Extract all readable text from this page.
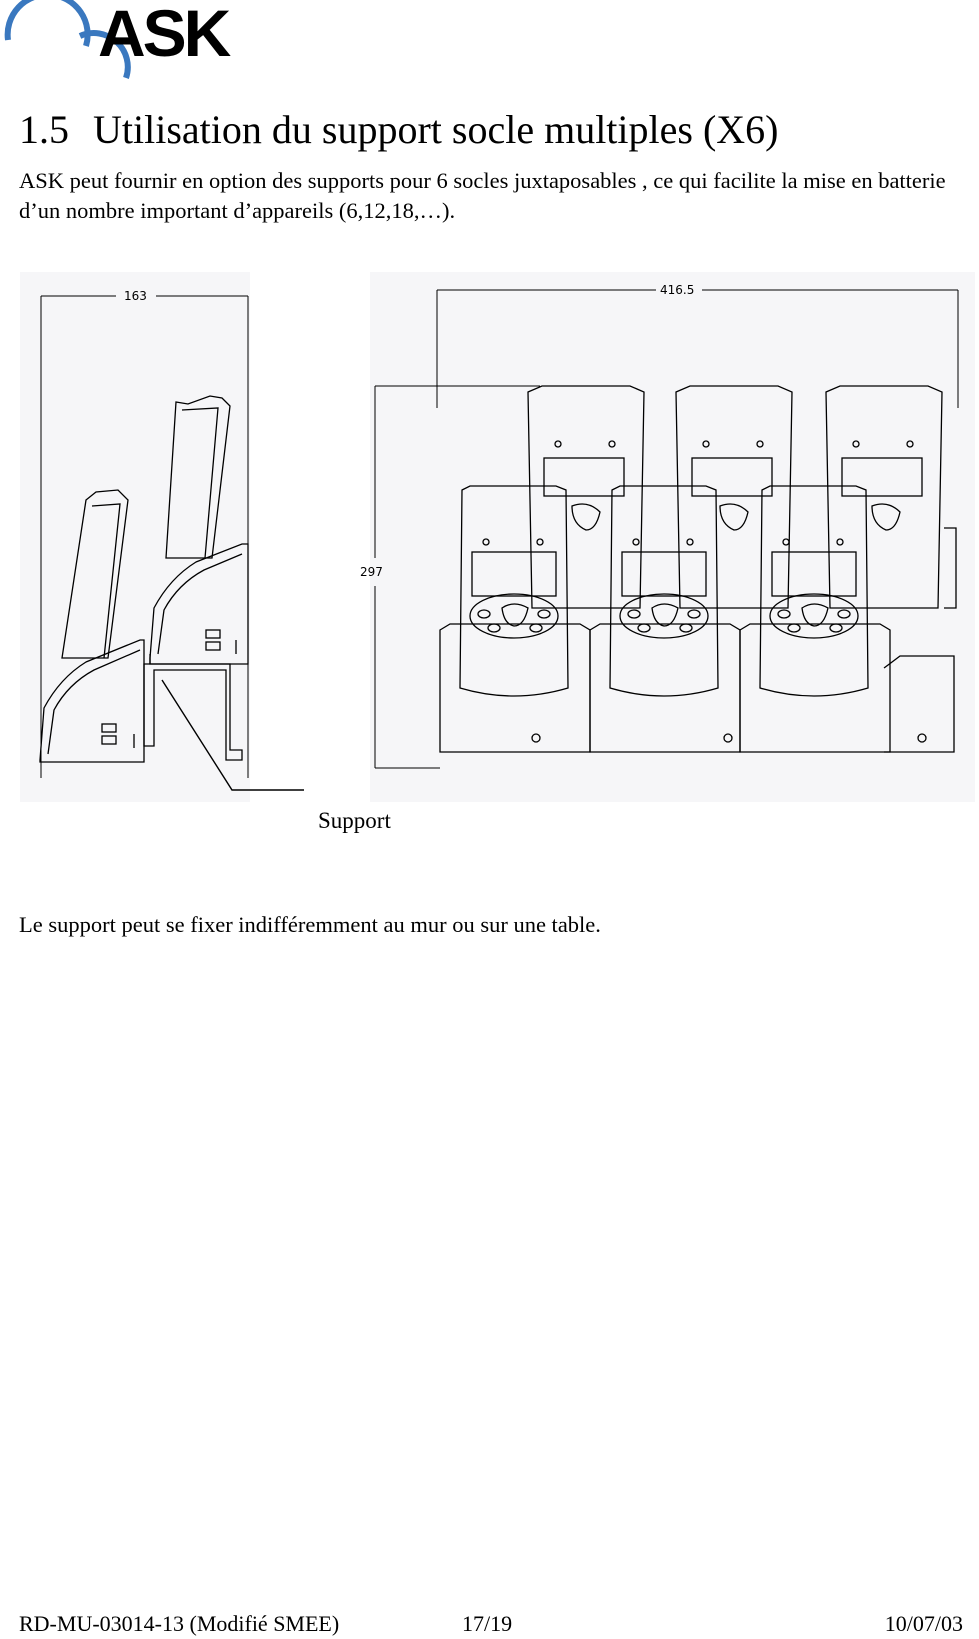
ASK
1.5 Utilisation du support socle multiples (X6)

ASK peut fournir en option des supports pour 6 socles juxtaposables , ce qui facilite la mise en batterie d’un nombre important d’appareils (6,12,18,…).

163	416.5
297
Support

Le support peut se fixer indifféremment au mur ou sur une table.

RD-MU-03014-13 (Modifié SMEE)	17/19	10/07/03
